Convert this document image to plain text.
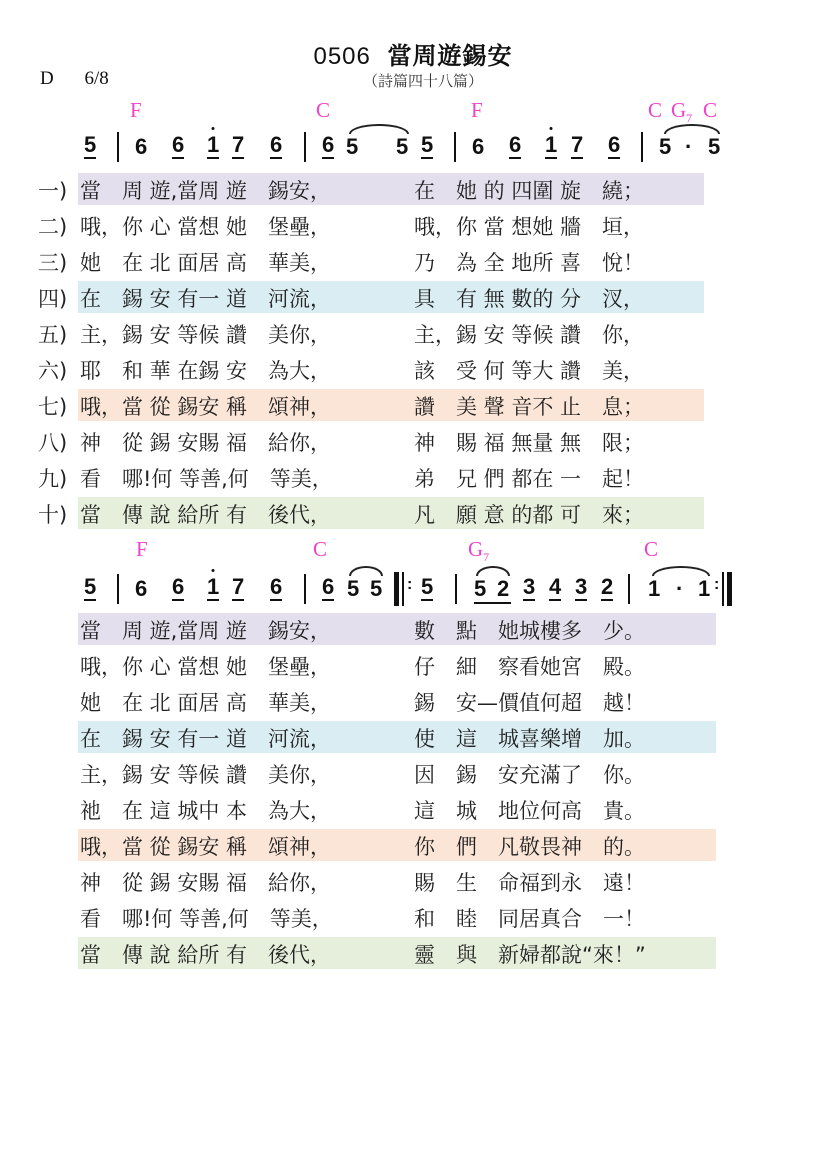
0506 當周遊錫安
D 6/8	（詩篇四十八篇）
F	C	F	C $G_7$ C
5 6 6 1 7 6 6 5 5 5 6 6 1 7 6 5 · 5
一) 當　周 遊,當周 遊　錫安，	在　她 的 四圍 旋　繞；
二) 哦，你 心 當想 她　堡壘，	哦，你 當 想她 牆　垣，
三) 她　在 北 面居 高　華美，	乃　為 全 地所 喜　悅！
四) 在　錫 安 有一 道　河流，	具　有 無 數的 分　汊，
五) 主，錫 安 等候 讚　美你，	主，錫 安 等候 讚　你，
六) 耶　和 華 在錫 安　為大，	該　受 何 等大 讚　美，
七) 哦，當 從 錫安 稱　頌神，	讚　美 聲 音不 止　息；
八) 神　從 錫 安賜 福　給你，	神　賜 福 無量 無　限；
九) 看　哪!何 等善,何　等美，	弟　兄 們 都在 一　起！
十) 當　傳 說 給所 有　後代，	凡　願 意 的都 可　來；
F	C	$G_7$	C
5 6 6 1 7 6 6 5 5 : 5 5 2 3 4 3 2 1 · 1 :
當　周 遊,當周 遊　錫安，	數　點　她城樓多　少。
哦，你 心 當想 她　堡壘，	仔　細　察看她宮　殿。
她　在 北 面居 高　華美，	錫　安—價值何超　越！
在　錫 安 有一 道　河流，	使　這　城喜樂增　加。
主，錫 安 等候 讚　美你，	因　錫　安充滿了　你。
祂　在 這 城中 本　為大，	這　城　地位何高　貴。
哦，當 從 錫安 稱　頌神，	你　們　凡敬畏神　的。
神　從 錫 安賜 福　給你，	賜　生　命福到永　遠！
看　哪!何 等善,何　等美，	和　睦　同居真合　一！
當　傳 說 給所 有　後代，	靈　與　新婦都說“來！”
